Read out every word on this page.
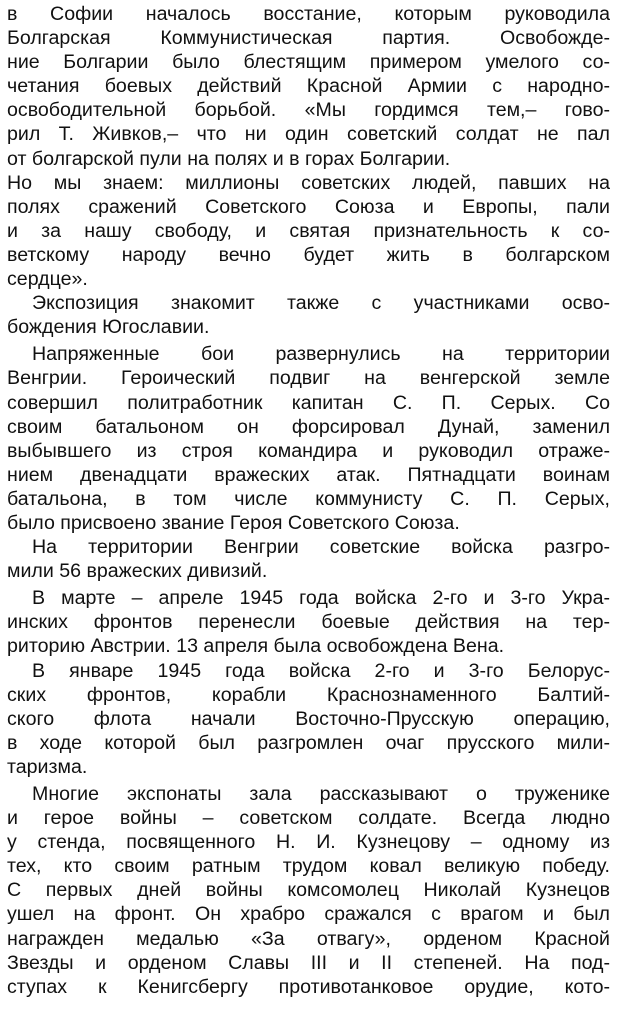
в Софии началось восстание, которым руководила
Болгарская Коммунистическая партия. Освобожде-
ние Болгарии было блестящим примером умелого со-
четания боевых действий Красной Армии с народно-
освободительной борьбой. «Мы гордимся тем,– гово-
рил Т. Живков,– что ни один советский солдат не пал
от болгарской пули на полях и в горах Болгарии.
Но мы знаем: миллионы советских людей, павших на
полях сражений Советского Союза и Европы, пали
и за нашу свободу, и святая признательность к со-
ветскому народу вечно будет жить в болгарском
сердце».
Экспозиция знакомит также с участниками осво-
бождения Югославии.
Напряженные бои развернулись на территории
Венгрии. Героический подвиг на венгерской земле
совершил политработник капитан С. П. Серых. Со
своим батальоном он форсировал Дунай, заменил
выбывшего из строя командира и руководил отраже-
нием двенадцати вражеских атак. Пятнадцати воинам
батальона, в том числе коммунисту С. П. Серых,
было присвоено звание Героя Советского Союза.
На территории Венгрии советские войска разгро-
мили 56 вражеских дивизий.
В марте – апреле 1945 года войска 2-го и 3-го Укра-
инских фронтов перенесли боевые действия на тер-
риторию Австрии. 13 апреля была освобождена Вена.
В январе 1945 года войска 2-го и 3-го Белорус-
ских фронтов, корабли Краснознаменного Балтий-
ского флота начали Восточно-Прусскую операцию,
в ходе которой был разгромлен очаг прусского мили-
таризма.
Многие экспонаты зала рассказывают о труженике
и герое войны – советском солдате. Всегда людно
у стенда, посвященного Н. И. Кузнецову – одному из
тех, кто своим ратным трудом ковал великую победу.
С первых дней войны комсомолец Николай Кузнецов
ушел на фронт. Он храбро сражался с врагом и был
награжден медалью «За отвагу», орденом Красной
Звезды и орденом Славы III и II степеней. На под-
ступах к Кенигсбергу противотанковое орудие, кото-
